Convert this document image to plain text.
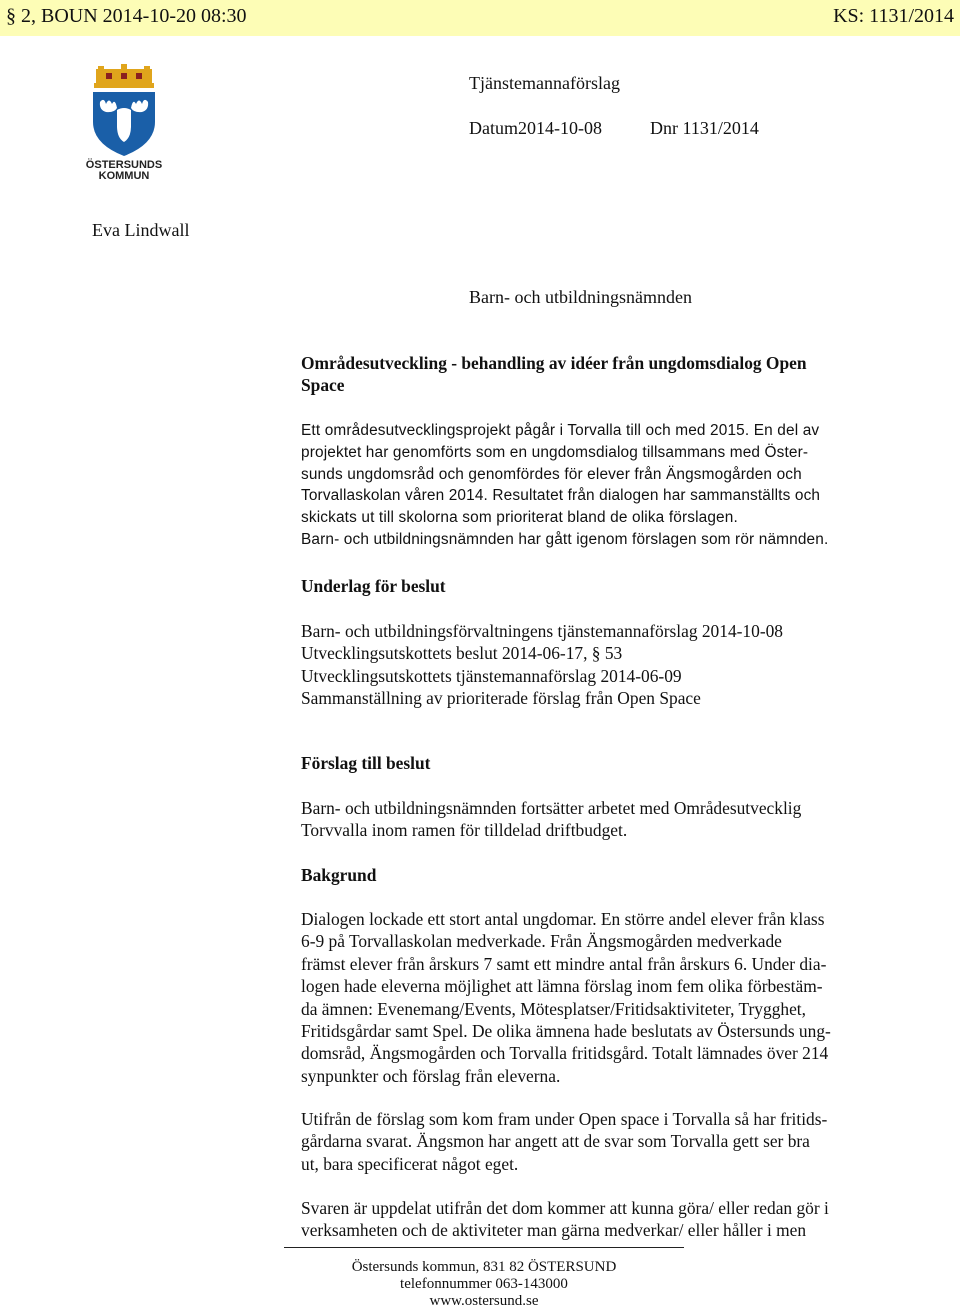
§ 2, BOUN 2014-10-20 08:30	KS: 1131/2014
ÖSTERSUNDS
KOMMUN
Tjänstemannaförslag
Datum2014-10-08	Dnr 1131/2014
Eva Lindwall
Barn- och utbildningsnämnden

Områdesutveckling - behandling av idéer från ungdomsdialog Open

Space

Ett områdesutvecklingsprojekt pågår i Torvalla till och med 2015. En del av

projektet har genomförts som en ungdomsdialog tillsammans med Öster-

sunds ungdomsråd och genomfördes för elever från Ängsmogården och

Torvallaskolan våren 2014. Resultatet från dialogen har sammanställts och

skickats ut till skolorna som prioriterat bland de olika förslagen.

Barn- och utbildningsnämnden har gått igenom förslagen som rör nämnden.

Underlag för beslut

Barn- och utbildningsförvaltningens tjänstemannaförslag 2014-10-08

Utvecklingsutskottets beslut 2014-06-17, § 53

Utvecklingsutskottets tjänstemannaförslag 2014-06-09

Sammanställning av prioriterade förslag från Open Space

Förslag till beslut

Barn- och utbildningsnämnden fortsätter arbetet med Områdesutvecklig

Torvvalla inom ramen för tilldelad driftbudget.

Bakgrund

Dialogen lockade ett stort antal ungdomar. En större andel elever från klass

6-9 på Torvallaskolan medverkade. Från Ängsmogården medverkade

främst elever från årskurs 7 samt ett mindre antal från årskurs 6. Under dia-

logen hade eleverna möjlighet att lämna förslag inom fem olika förbestäm-

da ämnen: Evenemang/Events, Mötesplatser/Fritidsaktiviteter, Trygghet,

Fritidsgårdar samt Spel. De olika ämnena hade beslutats av Östersunds ung-

domsråd, Ängsmogården och Torvalla fritidsgård. Totalt lämnades över 214

synpunkter och förslag från eleverna.

Utifrån de förslag som kom fram under Open space i Torvalla så har fritids-

gårdarna svarat. Ängsmon har angett att de svar som Torvalla gett ser bra

ut, bara specificerat något eget.

Svaren är uppdelat utifrån det dom kommer att kunna göra/ eller redan gör i

verksamheten och de aktiviteter man gärna medverkar/ eller håller i men

Östersunds kommun, 831 82 ÖSTERSUND
telefonnummer 063-143000
www.ostersund.se
